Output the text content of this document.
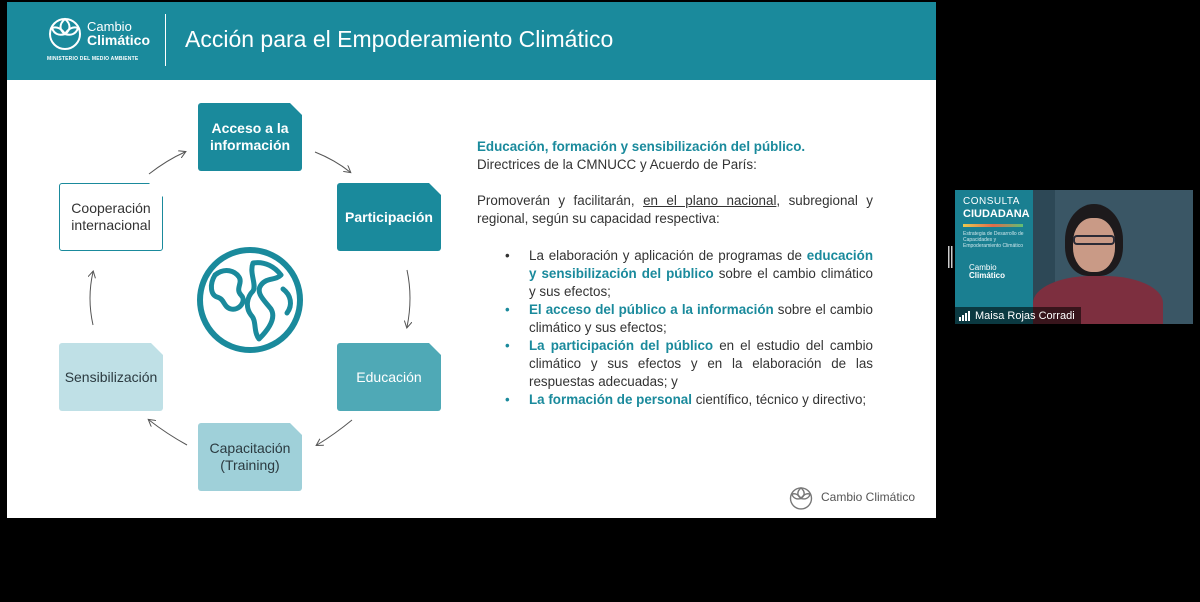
Cambio
Climático
MINISTERIO DEL MEDIO AMBIENTE
Acción para el Empoderamiento Climático
Acceso a la información
Participación
Educación
Capacitación (Training)
Sensibilización
Cooperación internacional
Educación, formación y sensibilización del público.
Directrices de la CMNUCC y Acuerdo de París:
Promoverán y facilitarán, en el plano nacional, subregional y regional, según su capacidad respectiva:
• La elaboración y aplicación de programas de educación y sensibilización del público sobre el cambio climático y sus efectos;
• El acceso del público a la información sobre el cambio climático y sus efectos;
• La participación del público en el estudio del cambio climático y sus efectos y en la elaboración de las respuestas adecuadas; y
• La formación de personal científico, técnico y directivo;
Cambio Climático
CONSULTA
CIUDADANA
Estrategia de Desarrollo de Capacidades y Empoderamiento Climático
Cambio
Climático
Maisa Rojas Corradi
